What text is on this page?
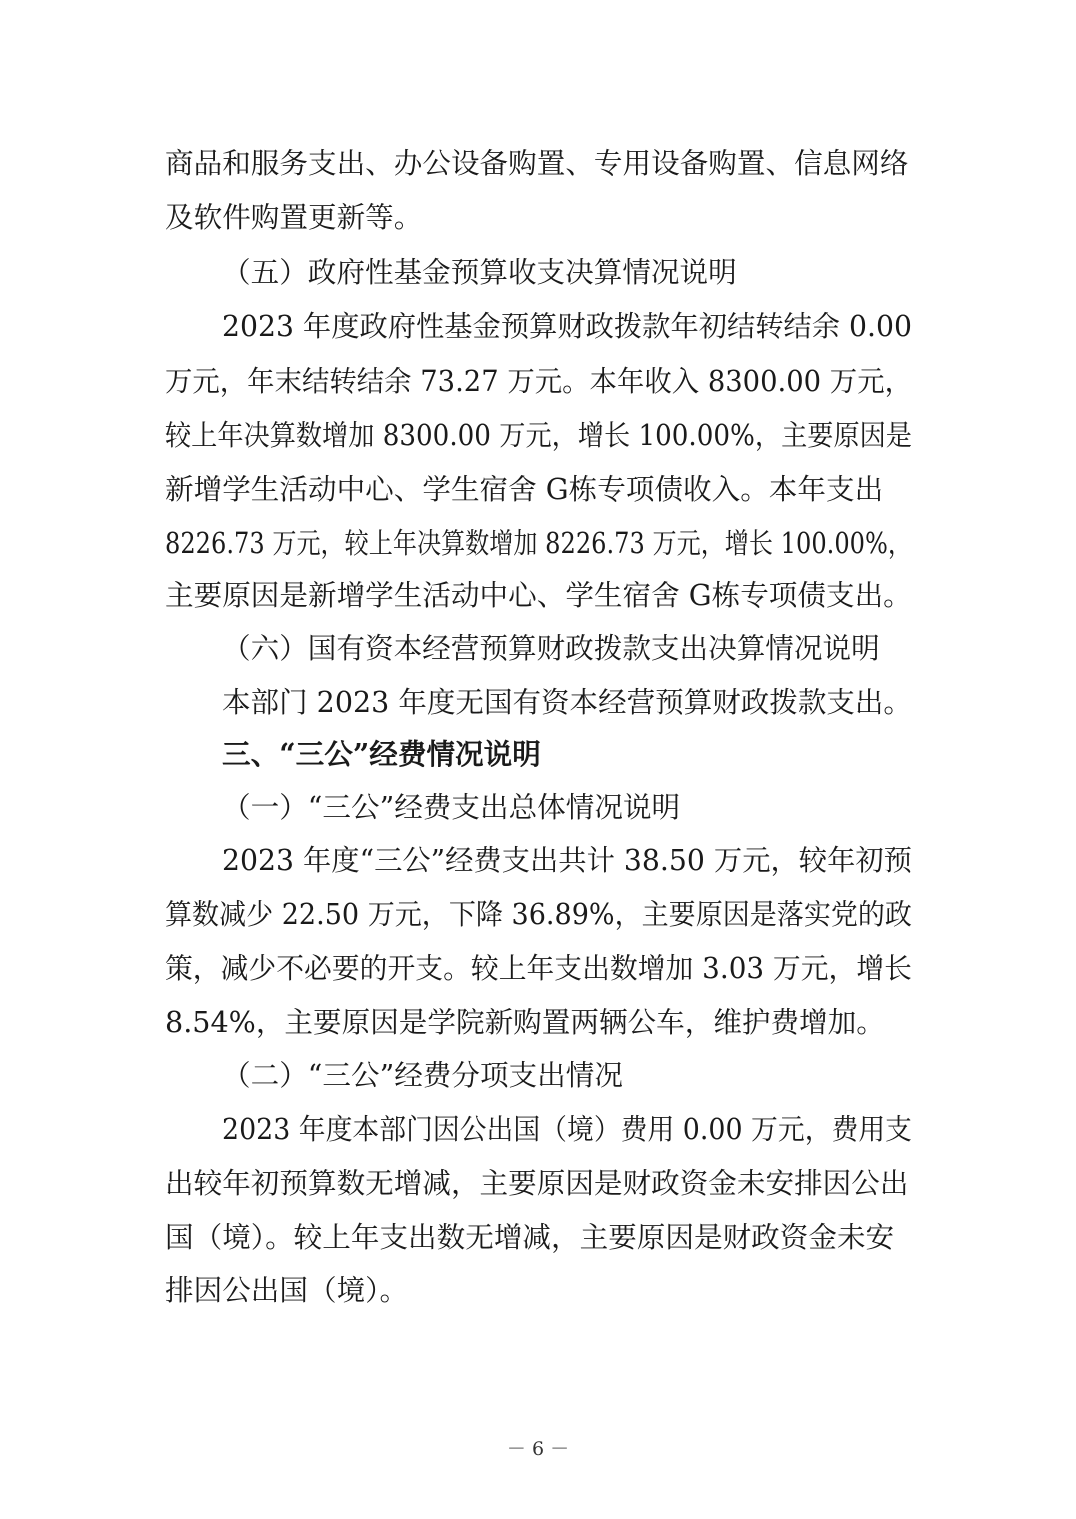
商品和服务支出、办公设备购置、专用设备购置、信息网络

及软件购置更新等。

（五）政府性基金预算收支决算情况说明

2023 年度政府性基金预算财政拨款年初结转结余 0.00

万元，年末结转结余 73.27 万元。本年收入 8300.00 万元，

较上年决算数增加 8300.00 万元，增长 100.00%，主要原因是

新增学生活动中心、学生宿舍 G栋专项债收入。本年支出

8226.73 万元，较上年决算数增加 8226.73 万元，增长 100.00%，

主要原因是新增学生活动中心、学生宿舍 G栋专项债支出。

（六）国有资本经营预算财政拨款支出决算情况说明

本部门 2023 年度无国有资本经营预算财政拨款支出。

三、“三公”经费情况说明

（一）“三公”经费支出总体情况说明

2023 年度“三公”经费支出共计 38.50 万元，较年初预

算数减少 22.50 万元，下降 36.89%，主要原因是落实党的政

策，减少不必要的开支。较上年支出数增加 3.03 万元，增长

8.54%，主要原因是学院新购置两辆公车，维护费增加。

（二）“三公”经费分项支出情况

2023 年度本部门因公出国（境）费用 0.00 万元，费用支

出较年初预算数无增减，主要原因是财政资金未安排因公出

国（境）。较上年支出数无增减，主要原因是财政资金未安

排因公出国（境）。

－ 6 －
